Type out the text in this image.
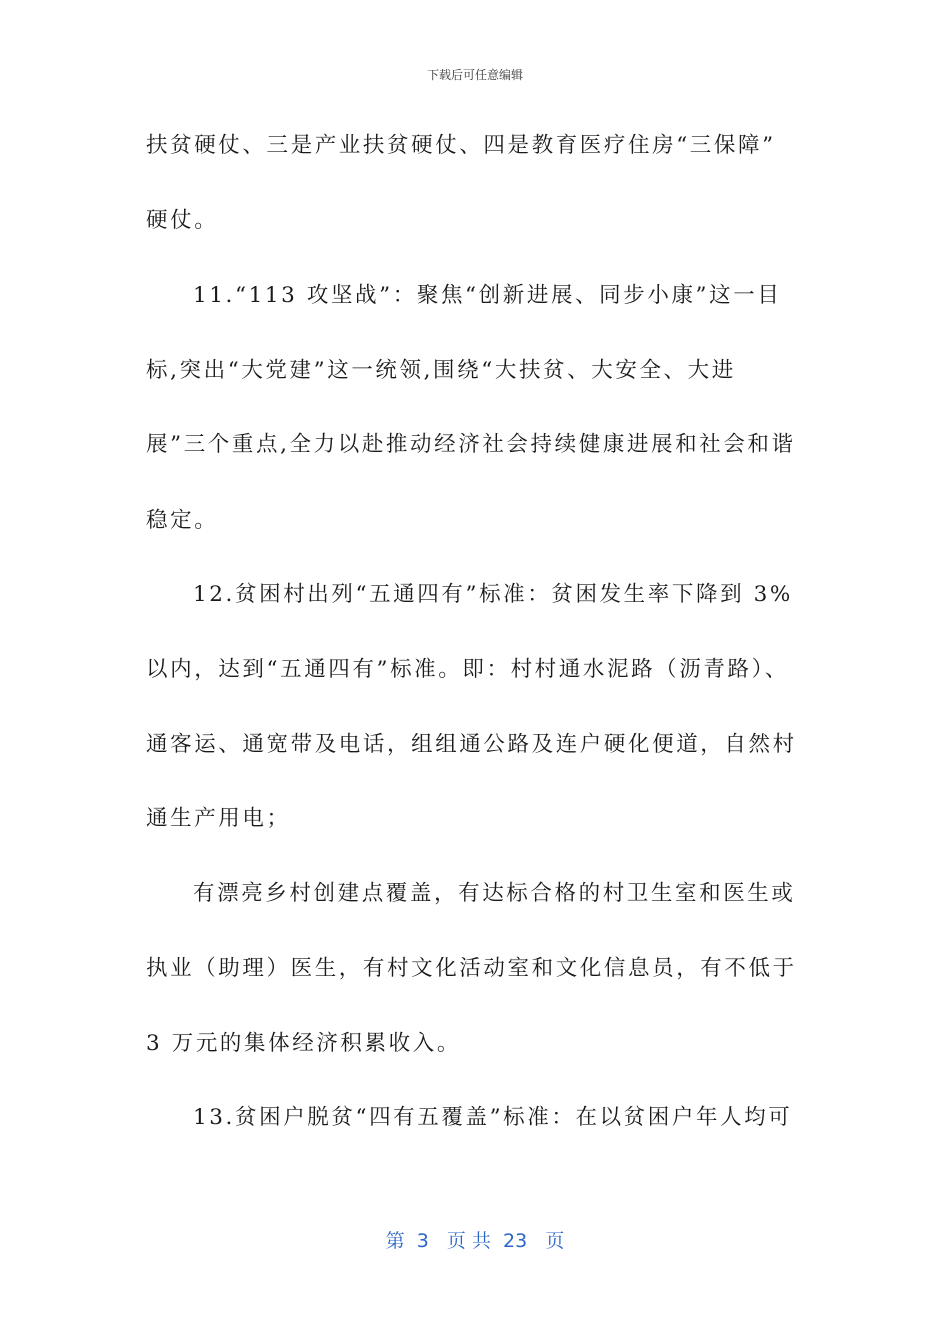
下载后可任意编辑
扶贫硬仗、三是产业扶贫硬仗、四是教育医疗住房“三保障”
硬仗。
11.“113 攻坚战”：聚焦“创新进展、同步小康”这一目
标,突出“大党建”这一统领,围绕“大扶贫、大安全、大进
展”三个重点,全力以赴推动经济社会持续健康进展和社会和谐
稳定。
12.贫困村出列“五通四有”标准：贫困发生率下降到 3%
以内，达到“五通四有”标准。即：村村通水泥路（沥青路）、
通客运、通宽带及电话，组组通公路及连户硬化便道，自然村
通生产用电；
有漂亮乡村创建点覆盖，有达标合格的村卫生室和医生或
执业（助理）医生，有村文化活动室和文化信息员，有不低于
3 万元的集体经济积累收入。
13.贫困户脱贫“四有五覆盖”标准：在以贫困户年人均可
第  3   页 共  23   页
